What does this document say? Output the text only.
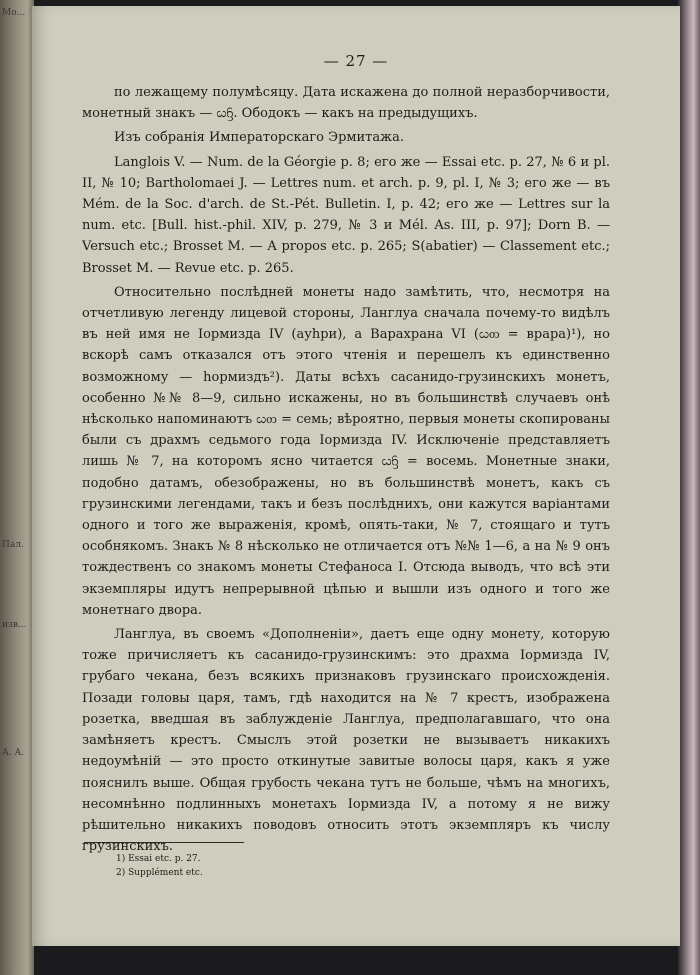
Мо...
Пал.
изв...
А. А.
— 27 —

по лежащему полумѣсяцу. Дата искажена до полной неразборчивости, монетный знакъ — ᦍᦌ. Ободокъ — какъ на предыдущихъ.

Изъ собранія Императорскаго Эрмитажа.

Langlois V. — Num. de la Géorgie p. 8; его же — Essai etc. p. 27, № 6 и pl. II, № 10; Bartholomaei J. — Lettres num. et arch. p. 9, pl. I, № 3; его же — въ Mém. de la Soc. d'arch. de St.-Pét. Bulletin. I, p. 42; его же — Lettres sur la num. etc. [Bull. hist.-phil. XIV, p. 279, № 3 и Mél. As. III, p. 97]; Dorn B. — Versuch etc.; Brosset M. — A propos etc. p. 265; S(abatier) — Classement etc.; Brosset M. — Revue etc. p. 265.

Относительно послѣдней монеты надо замѣтить, что, несмотря на отчетливую легенду лицевой стороны, Ланглуа сначала почему-то видѣлъ въ ней имя не Іормизда IV (ауһри), а Варахрана VI (ᦍᦎ = врара)¹), но вскорѣ самъ отказался отъ этого чтенія и перешелъ къ единственно возможному — һормиздъ²). Даты всѣхъ сасанидо-грузинскихъ монетъ, особенно №№ 8—9, сильно искажены, но въ большинствѣ случаевъ онѣ нѣсколько напоминаютъ ᦍᦎ = семь; вѣроятно, первыя монеты скопированы были съ драхмъ седьмого года Іормизда IV. Исключеніе представляетъ лишь № 7, на которомъ ясно читается ᦍᦌ = восемь. Монетные знаки, подобно датамъ, обезображены, но въ большинствѣ монетъ, какъ съ грузинскими легендами, такъ и безъ послѣднихъ, они кажутся варіантами одного и того же выраженія, кромѣ, опять-таки, № 7, стоящаго и тутъ особнякомъ. Знакъ № 8 нѣсколько не отличается отъ №№ 1—6, а на № 9 онъ тождественъ со знакомъ монеты Стефаноса I. Отсюда выводъ, что всѣ эти экземпляры идутъ непрерывной цѣпью и вышли изъ одного и того же монетнаго двора.

Ланглуа, въ своемъ «Дополненіи», даетъ еще одну монету, которую тоже причисляетъ къ сасанидо-грузинскимъ: это драхма Іормизда IV, грубаго чекана, безъ всякихъ признаковъ грузинскаго происхожденія. Позади головы царя, тамъ, гдѣ находится на № 7 крестъ, изображена розетка, введшая въ заблужденіе Ланглуа, предполагавшаго, что она замѣняетъ крестъ. Смыслъ этой розетки не вызываетъ никакихъ недоумѣній — это просто откинутые завитые волосы царя, какъ я уже пояснилъ выше. Общая грубость чекана тутъ не больше, чѣмъ на многихъ, несомнѣнно подлинныхъ монетахъ Іормизда IV, а потому я не вижу рѣшительно никакихъ поводовъ относить этотъ экземпляръ къ числу грузинскихъ.

1) Essai etc. p. 27.
2) Supplément etc.
